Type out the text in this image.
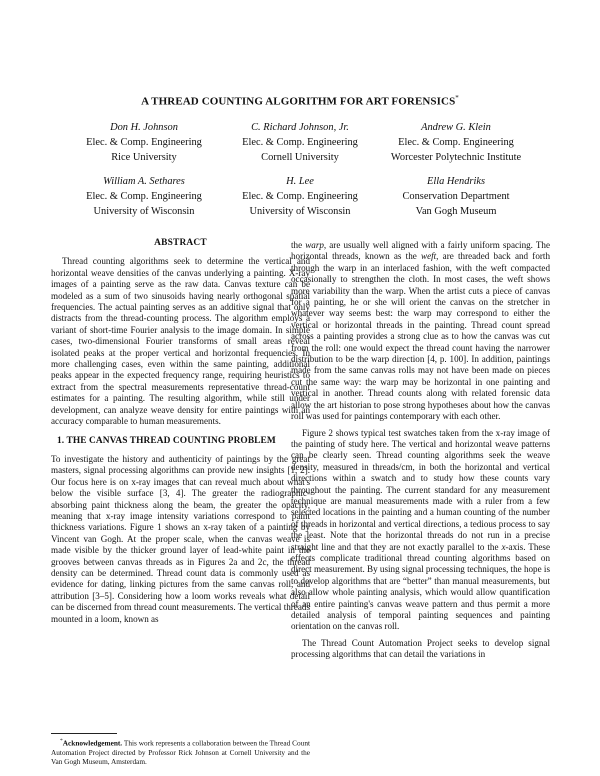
A THREAD COUNTING ALGORITHM FOR ART FORENSICS*
Don H. Johnson
Elec. & Comp. Engineering
Rice University
C. Richard Johnson, Jr.
Elec. & Comp. Engineering
Cornell University
Andrew G. Klein
Elec. & Comp. Engineering
Worcester Polytechnic Institute
William A. Sethares
Elec. & Comp. Engineering
University of Wisconsin
H. Lee
Elec. & Comp. Engineering
University of Wisconsin
Ella Hendriks
Conservation Department
Van Gogh Museum
ABSTRACT

Thread counting algorithms seek to determine the vertical and horizontal weave densities of the canvas underlying a painting. X-ray images of a painting serve as the raw data. Canvas texture can be modeled as a sum of two sinusoids having nearly orthogonal spatial frequencies. The actual painting serves as an additive signal that only distracts from the thread-counting process. The algorithm employs a variant of short-time Fourier analysis to the image domain. In simple cases, two-dimensional Fourier transforms of small areas reveal isolated peaks at the proper vertical and horizontal frequencies. In more challenging cases, even within the same painting, additional peaks appear in the expected frequency range, requiring heuristics to extract from the spectral measurements representative thread-count estimates for a painting. The resulting algorithm, while still under development, can analyze weave density for entire paintings with an accuracy comparable to human measurements.

1. THE CANVAS THREAD COUNTING PROBLEM

To investigate the history and authenticity of paintings by the great masters, signal processing algorithms can provide new insights [1, 2]. Our focus here is on x-ray images that can reveal much about what's below the visible surface [3, 4]. The greater the radiographic-absorbing paint thickness along the beam, the greater the opacity, meaning that x-ray image intensity variations correspond to paint thickness variations. Figure 1 shows an x-ray taken of a painting by Vincent van Gogh. At the proper scale, when the canvas weave is made visible by the thicker ground layer of lead-white paint in the grooves between canvas threads as in Figures 2a and 2c, the thread density can be determined. Thread count data is commonly used as evidence for dating, linking pictures from the same canvas roll, and attribution [3–5]. Considering how a loom works reveals what detail can be discerned from thread count measurements. The vertical threads mounted in a loom, known as

the warp, are usually well aligned with a fairly uniform spacing. The horizontal threads, known as the weft, are threaded back and forth through the warp in an interlaced fashion, with the weft compacted occasionally to strengthen the cloth. In most cases, the weft shows more variability than the warp. When the artist cuts a piece of canvas for a painting, he or she will orient the canvas on the stretcher in whatever way seems best: the warp may correspond to either the vertical or horizontal threads in the painting. Thread count spread across a painting provides a strong clue as to how the canvas was cut from the roll: one would expect the thread count having the narrower distribution to be the warp direction [4, p. 100]. In addition, paintings made from the same canvas rolls may not have been made on pieces cut the same way: the warp may be horizontal in one painting and vertical in another. Thread counts along with related forensic data allow the art historian to pose strong hypotheses about how the canvas roll was used for paintings contemporary with each other.

Figure 2 shows typical test swatches taken from the x-ray image of the painting of study here. The vertical and horizontal weave patterns can be clearly seen. Thread counting algorithms seek the weave density, measured in threads/cm, in both the horizontal and vertical directions within a swatch and to study how these counts vary throughout the painting. The current standard for any measurement technique are manual measurements made with a ruler from a few selected locations in the painting and a human counting of the number of threads in horizontal and vertical directions, a tedious process to say the least. Note that the horizontal threads do not run in a precise straight line and that they are not exactly parallel to the x-axis. These effects complicate traditional thread counting algorithms based on direct measurement. By using signal processing techniques, the hope is to develop algorithms that are “better” than manual measurements, but also allow whole painting analysis, which would allow quantification of an entire painting's canvas weave pattern and thus permit a more detailed analysis of temporal painting sequences and painting orientation on the canvas roll.

The Thread Count Automation Project seeks to develop signal processing algorithms that can detail the variations in

*Acknowledgement. This work represents a collaboration between the Thread Count Automation Project directed by Professor Rick Johnson at Cornell University and the Van Gogh Museum, Amsterdam.
